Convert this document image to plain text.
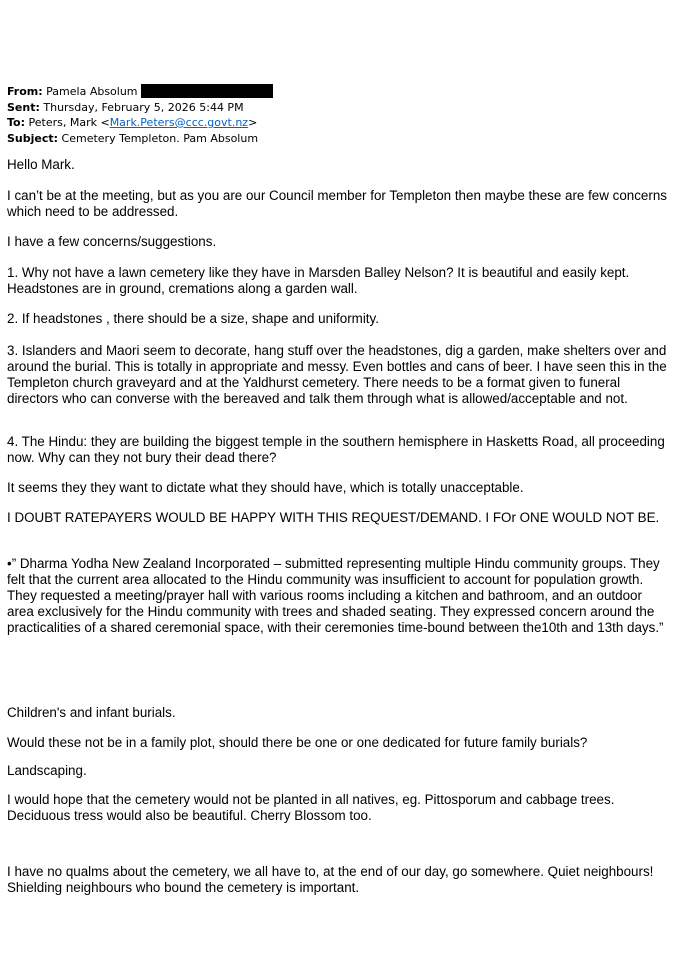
From: Pamela Absolum
Sent: Thursday, February 5, 2026 5:44 PM
To: Peters, Mark <Mark.Peters@ccc.govt.nz>
Subject: Cemetery Templeton. Pam Absolum

Hello Mark.

I can’t be at the meeting, but as you are our Council member for Templeton then maybe these are few concerns which need to be addressed.

I have a few concerns/suggestions.

1. Why not have a lawn cemetery like they have in Marsden Balley Nelson? It is beautiful and easily kept. Headstones are in ground, cremations along a garden wall.

2. If headstones , there should be a size, shape and uniformity.

3. Islanders and Maori seem to decorate, hang stuff over the headstones, dig a garden, make shelters over and around the burial. This is totally in appropriate and messy. Even bottles and cans of beer. I have seen this in the Templeton church graveyard and at the Yaldhurst cemetery. There needs to be a format given to funeral directors who can converse with the bereaved and talk them through what is allowed/acceptable and not.

4. The Hindu: they are building the biggest temple in the southern hemisphere in Hasketts Road, all proceeding now. Why can they not bury their dead there?

It seems they they want to dictate what they should have, which is totally unacceptable.

I DOUBT RATEPAYERS WOULD BE HAPPY WITH THIS REQUEST/DEMAND. I FOr ONE WOULD NOT BE.

•” Dharma Yodha New Zealand Incorporated – submitted representing multiple Hindu community groups. They felt that the current area allocated to the Hindu community was insufficient to account for population growth. They requested a meeting/prayer hall with various rooms including a kitchen and bathroom, and an outdoor area exclusively for the Hindu community with trees and shaded seating. They expressed concern around the practicalities of a shared ceremonial space, with their ceremonies time-bound between the10th and 13th days.”

Children's and infant burials.

Would these not be in a family plot, should there be one or one dedicated for future family burials?

Landscaping.

I would hope that the cemetery would not be planted in all natives, eg. Pittosporum and cabbage trees. Deciduous tress would also be beautiful. Cherry Blossom too.

I have no qualms about the cemetery, we all have to, at the end of our day, go somewhere. Quiet neighbours! Shielding neighbours who bound the cemetery is important.
